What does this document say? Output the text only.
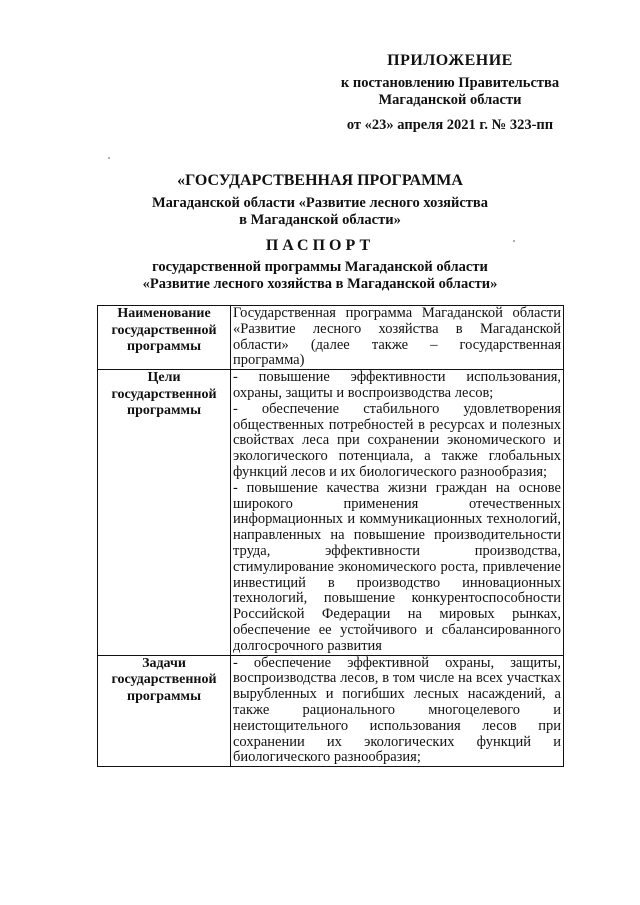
ПРИЛОЖЕНИЕ
к постановлению Правительства
Магаданской области
от «23» апреля 2021 г. № 323-пп
«ГОСУДАРСТВЕННАЯ ПРОГРАММА
Магаданской области «Развитие лесного хозяйства
в Магаданской области»
ПАСПОРТ
государственной программы Магаданской области
«Развитие лесного хозяйства в Магаданской области»
Наименование государственной программы	Государственная программа Магаданской области «Развитие лесного хозяйства в Магаданской области» (далее также – государственная программа)

Цели государственной программы	- повышение эффективности использования, охраны, защиты и воспроизводства лесов;
- обеспечение стабильного удовлетворения общественных потребностей в ресурсах и полезных свойствах леса при сохранении экономического и экологического потенциала, а также глобальных функций лесов и их биологического разнообразия;
- повышение качества жизни граждан на основе широкого применения отечественных информационных и коммуникационных технологий, направленных на повышение производительности труда, эффективности производства, стимулирование экономического роста, привлечение инвестиций в производство инновационных технологий, повышение конкурентоспособности Российской Федерации на мировых рынках, обеспечение ее устойчивого и сбалансированного долгосрочного развития

Задачи государственной программы	- обеспечение эффективной охраны, защиты, воспроизводства лесов, в том числе на всех участках вырубленных и погибших лесных насаждений, а также рационального многоцелевого и неистощительного использования лесов при сохранении их экологических функций и биологического разнообразия;
